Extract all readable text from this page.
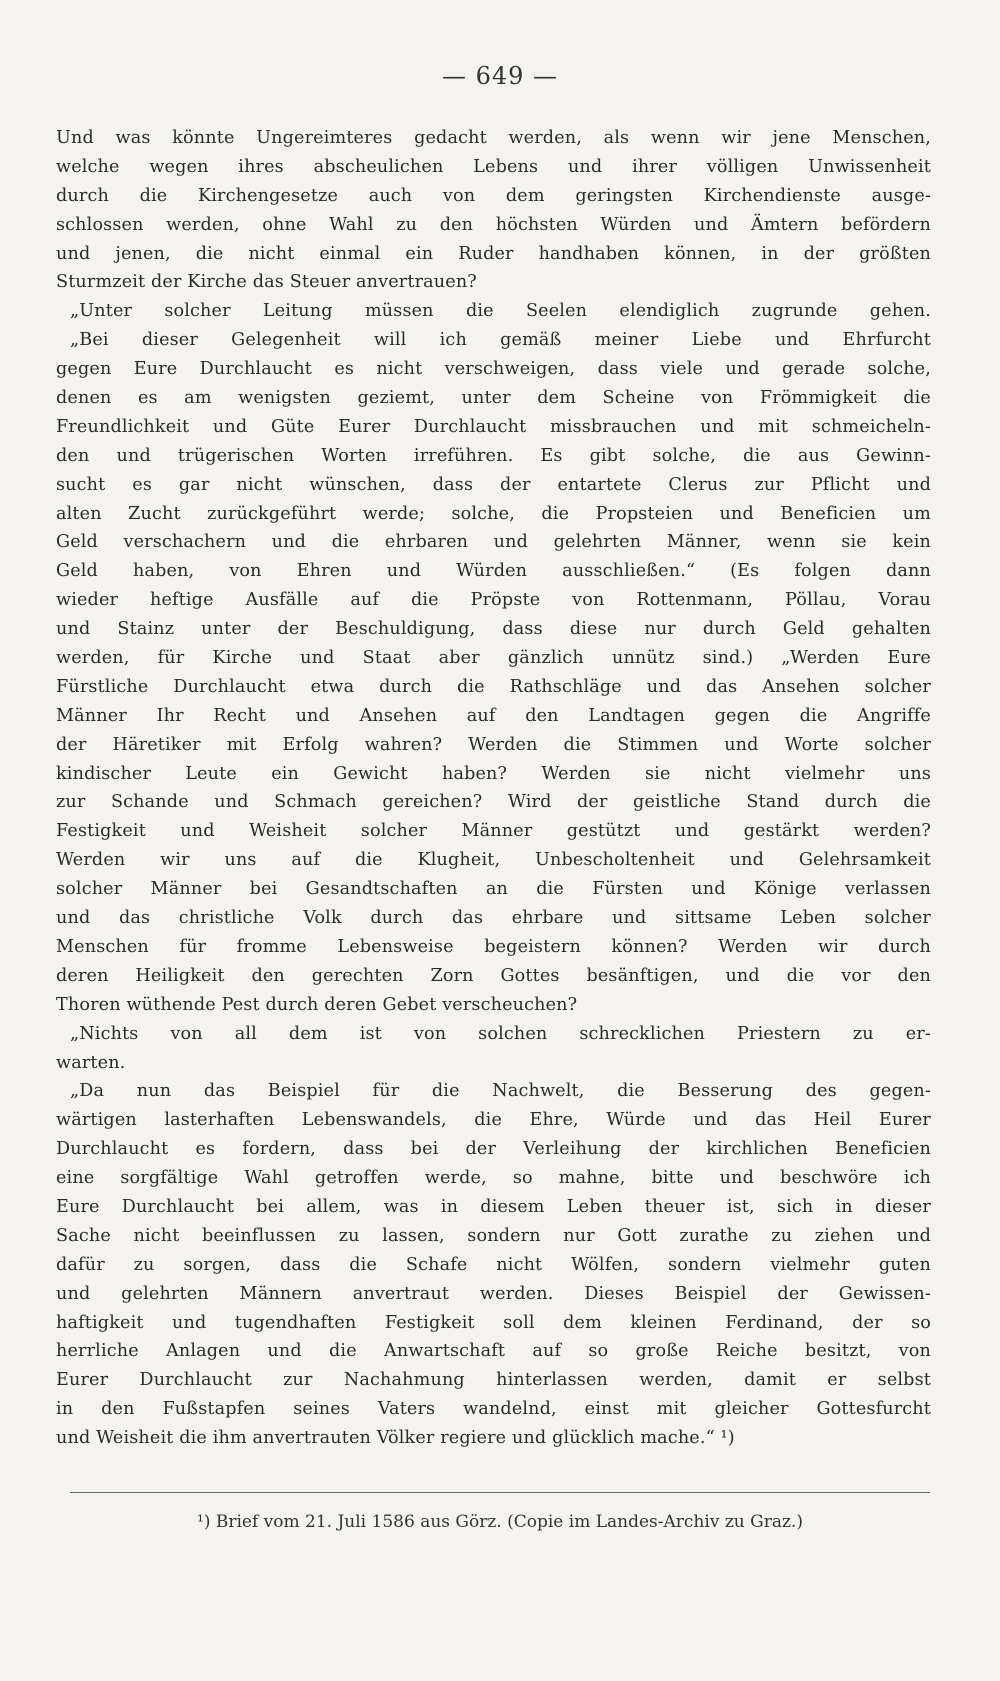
— 649 —
Und was könnte Ungereimteres gedacht werden, als wenn wir jene Menschen,
welche wegen ihres abscheulichen Lebens und ihrer völligen Unwissenheit
durch die Kirchengesetze auch von dem geringsten Kirchendienste ausge-
schlossen werden, ohne Wahl zu den höchsten Würden und Ämtern befördern
und jenen, die nicht einmal ein Ruder handhaben können, in der größten
Sturmzeit der Kirche das Steuer anvertrauen?
„Unter solcher Leitung müssen die Seelen elendiglich zugrunde gehen.
„Bei dieser Gelegenheit will ich gemäß meiner Liebe und Ehrfurcht
gegen Eure Durchlaucht es nicht verschweigen, dass viele und gerade solche,
denen es am wenigsten geziemt, unter dem Scheine von Frömmigkeit die
Freundlichkeit und Güte Eurer Durchlaucht missbrauchen und mit schmeicheln-
den und trügerischen Worten irreführen. Es gibt solche, die aus Gewinn-
sucht es gar nicht wünschen, dass der entartete Clerus zur Pflicht und
alten Zucht zurückgeführt werde; solche, die Propsteien und Beneficien um
Geld verschachern und die ehrbaren und gelehrten Männer, wenn sie kein
Geld haben, von Ehren und Würden ausschließen.“ (Es folgen dann
wieder heftige Ausfälle auf die Pröpste von Rottenmann, Pöllau, Vorau
und Stainz unter der Beschuldigung, dass diese nur durch Geld gehalten
werden, für Kirche und Staat aber gänzlich unnütz sind.) „Werden Eure
Fürstliche Durchlaucht etwa durch die Rathschläge und das Ansehen solcher
Männer Ihr Recht und Ansehen auf den Landtagen gegen die Angriffe
der Häretiker mit Erfolg wahren? Werden die Stimmen und Worte solcher
kindischer Leute ein Gewicht haben? Werden sie nicht vielmehr uns
zur Schande und Schmach gereichen? Wird der geistliche Stand durch die
Festigkeit und Weisheit solcher Männer gestützt und gestärkt werden?
Werden wir uns auf die Klugheit, Unbescholtenheit und Gelehrsamkeit
solcher Männer bei Gesandtschaften an die Fürsten und Könige verlassen
und das christliche Volk durch das ehrbare und sittsame Leben solcher
Menschen für fromme Lebensweise begeistern können? Werden wir durch
deren Heiligkeit den gerechten Zorn Gottes besänftigen, und die vor den
Thoren wüthende Pest durch deren Gebet verscheuchen?
„Nichts von all dem ist von solchen schrecklichen Priestern zu er-
warten.
„Da nun das Beispiel für die Nachwelt, die Besserung des gegen-
wärtigen lasterhaften Lebenswandels, die Ehre, Würde und das Heil Eurer
Durchlaucht es fordern, dass bei der Verleihung der kirchlichen Beneficien
eine sorgfältige Wahl getroffen werde, so mahne, bitte und beschwöre ich
Eure Durchlaucht bei allem, was in diesem Leben theuer ist, sich in dieser
Sache nicht beeinflussen zu lassen, sondern nur Gott zurathe zu ziehen und
dafür zu sorgen, dass die Schafe nicht Wölfen, sondern vielmehr guten
und gelehrten Männern anvertraut werden. Dieses Beispiel der Gewissen-
haftigkeit und tugendhaften Festigkeit soll dem kleinen Ferdinand, der so
herrliche Anlagen und die Anwartschaft auf so große Reiche besitzt, von
Eurer Durchlaucht zur Nachahmung hinterlassen werden, damit er selbst
in den Fußstapfen seines Vaters wandelnd, einst mit gleicher Gottesfurcht
und Weisheit die ihm anvertrauten Völker regiere und glücklich mache.“ ¹)
¹) Brief vom 21. Juli 1586 aus Görz. (Copie im Landes-Archiv zu Graz.)
